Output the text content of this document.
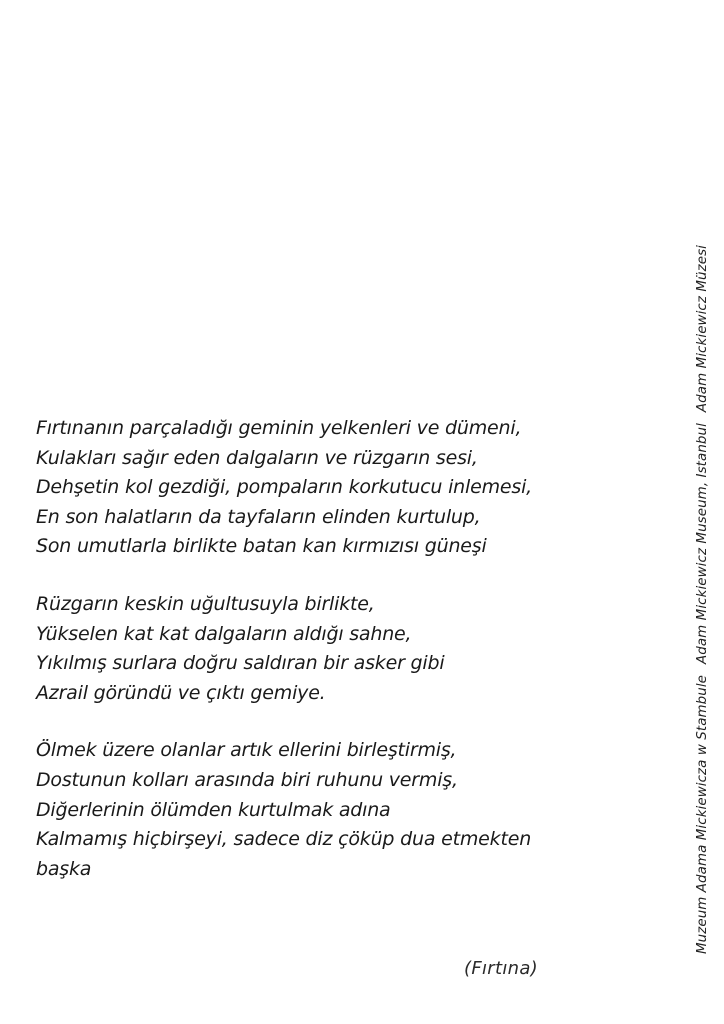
Fırtınanın parçaladığı geminin yelkenleri ve dümeni,
Kulakları sağır eden dalgaların ve rüzgarın sesi,
Dehşetin kol gezdiği, pompaların korkutucu inlemesi,
En son halatların da tayfaların elinden kurtulup,
Son umutlarla birlikte batan kan kırmızısı güneşi
Rüzgarın keskin uğultusuyla birlikte,
Yükselen kat kat dalgaların aldığı sahne,
Yıkılmış surlara doğru saldıran bir asker gibi
Azrail göründü ve çıktı gemiye.
Ölmek üzere olanlar artık ellerini birleştirmiş,
Dostunun kolları arasında biri ruhunu vermiş,
Diğerlerinin ölümden kurtulmak adına
Kalmamış hiçbirşeyi, sadece diz çöküp dua etmekten
başka
(Fırtına)
Muzeum Adama Mickiewicza w StambuleAdam Mickiewicz Museum, IstanbulAdam Mickiewicz Müzesi
